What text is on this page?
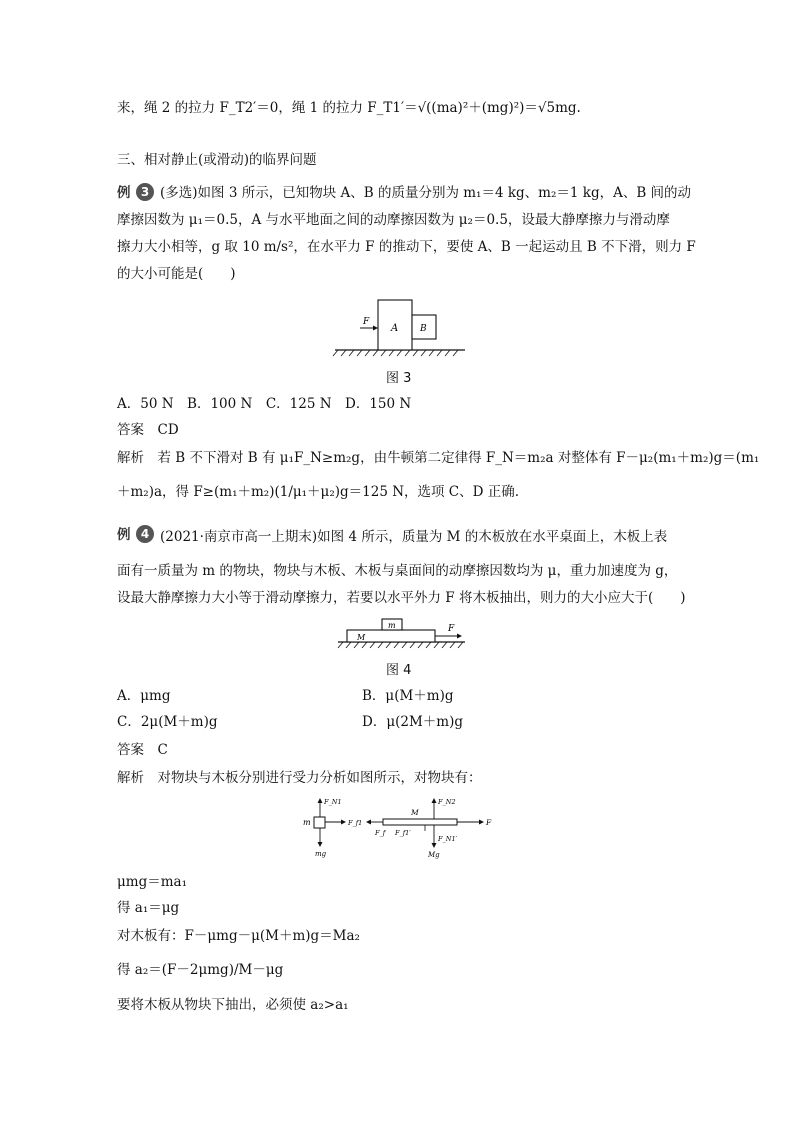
来，绳 2 的拉力 F_T2′＝0，绳 1 的拉力 F_T1′＝√((ma)²＋(mg)²)＝√5mg.
三、相对静止(或滑动)的临界问题
例 3 (多选)如图 3 所示，已知物块 A、B 的质量分别为 m₁＝4 kg、m₂＝1 kg，A、B 间的动
摩擦因数为 μ₁＝0.5，A 与水平地面之间的动摩擦因数为 μ₂＝0.5，设最大静摩擦力与滑动摩
擦力大小相等，g 取 10 m/s²，在水平力 F 的推动下，要使 A、B 一起运动且 B 不下滑，则力 F
的大小可能是(　　)
F
A B
图 3
A．50 N　B．100 N　C．125 N　D．150 N
答案　CD
解析　若 B 不下滑对 B 有 μ₁F_N≥m₂g，由牛顿第二定律得 F_N＝m₂a 对整体有 F－μ₂(m₁＋m₂)g＝(m₁
＋m₂)a，得 F≥(m₁＋m₂)(1/μ₁＋μ₂)g＝125 N，选项 C、D 正确.
例 4 (2021·南京市高一上期末)如图 4 所示，质量为 M 的木板放在水平桌面上，木板上表
面有一质量为 m 的物块，物块与木板、木板与桌面间的动摩擦因数均为 μ，重力加速度为 g，
设最大静摩擦力大小等于滑动摩擦力，若要以水平外力 F 将木板抽出，则力的大小应大于(　　)
m
M
F
图 4
A．μmg	B．μ(M＋m)g
C．2μ(M＋m)g	D．μ(2M＋m)g
答案　C
解析　对物块与木板分别进行受力分析如图所示，对物块有：
m
F_N1
F_f1
mg
M
F_N2
F_f F_f1′
F_N1′
Mg
F
μmg＝ma₁
得 a₁＝μg
对木板有：F－μmg－μ(M＋m)g＝Ma₂
得 a₂＝(F－2μmg)/M－μg
要将木板从物块下抽出，必须使 a₂>a₁
